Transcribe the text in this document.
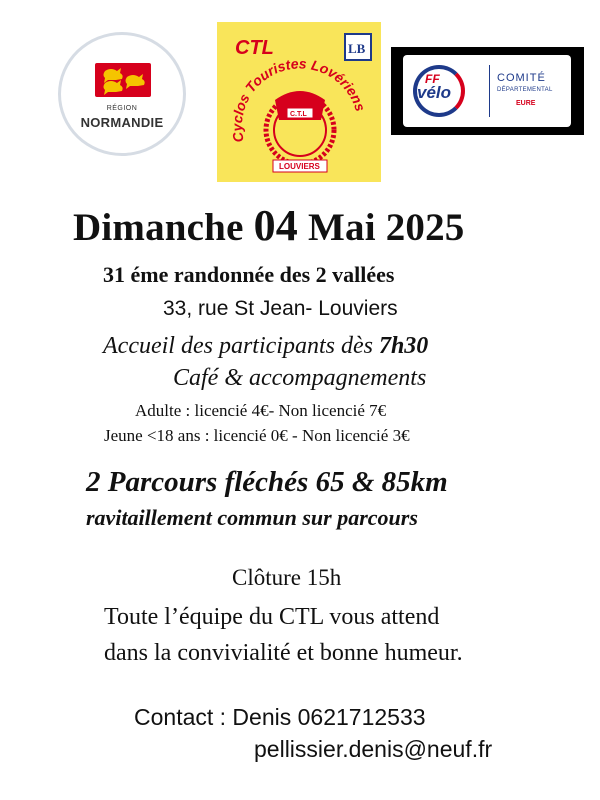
RÉGION
NORMANDIE
CTL	LB
Cyclos Touristes Lovériens
C.T.L
LOUVIERS
FF
vélo
COMITÉ
DÉPARTEMENTAL
EURE
Dimanche 04 Mai 2025
31 éme randonnée des 2 vallées
33, rue St Jean- Louviers
Accueil des participants dès 7h30
Café & accompagnements
Adulte : licencié 4€- Non licencié 7€
Jeune <18 ans : licencié 0€ - Non licencié 3€
2 Parcours fléchés 65 & 85km
ravitaillement commun sur parcours
Clôture 15h
Toute l’équipe du CTL vous attend
dans la convivialité et bonne humeur.
Contact : Denis 0621712533
pellissier.denis@neuf.fr
